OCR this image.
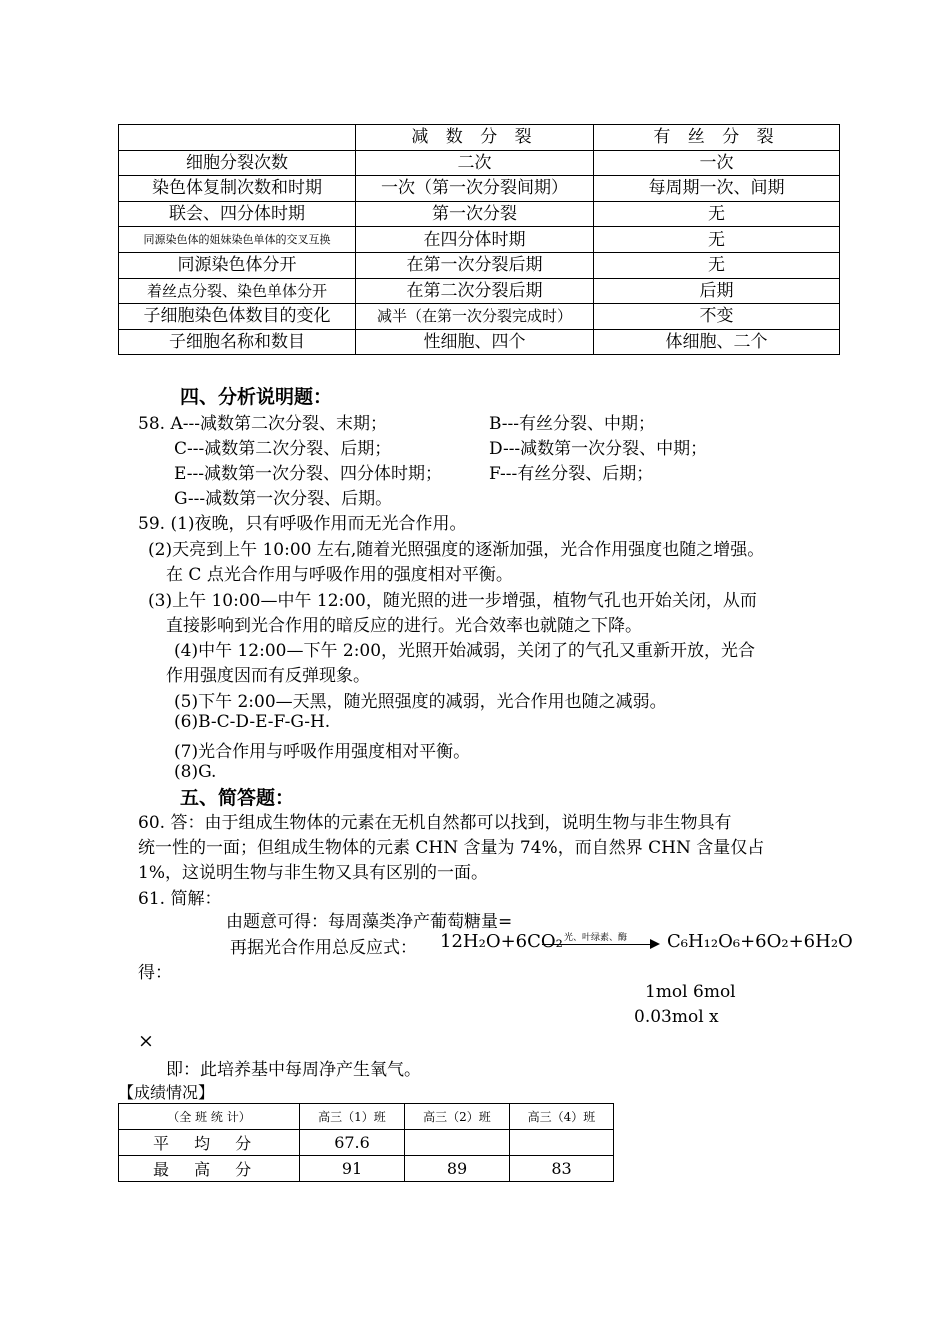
	减 数 分 裂	有 丝 分 裂
细胞分裂次数	二次	一次
染色体复制次数和时期	一次（第一次分裂间期）	每周期一次、间期
联会、四分体时期	第一次分裂	无
同源染色体的姐妹染色单体的交叉互换	在四分体时期	无
同源染色体分开	在第一次分裂后期	无
着丝点分裂、染色单体分开	在第二次分裂后期	后期
子细胞染色体数目的变化	减半（在第一次分裂完成时）	不变
子细胞名称和数目	性细胞、四个	体细胞、二个
四、分析说明题：
58. A---减数第二次分裂、末期；	B---有丝分裂、中期；
C---减数第二次分裂、后期；	D---减数第一次分裂、中期；
E---减数第一次分裂、四分体时期；	F---有丝分裂、后期；
G---减数第一次分裂、后期。
59. (1)夜晚，只有呼吸作用而无光合作用。
(2)天亮到上午 10:00 左右,随着光照强度的逐渐加强，光合作用强度也随之增强。
在 C 点光合作用与呼吸作用的强度相对平衡。
(3)上午 10:00—中午 12:00，随光照的进一步增强，植物气孔也开始关闭，从而
直接影响到光合作用的暗反应的进行。光合效率也就随之下降。
(4)中午 12:00—下午 2:00，光照开始减弱，关闭了的气孔又重新开放，光合
作用强度因而有反弹现象。
(5)下午 2:00—天黑，随光照强度的减弱，光合作用也随之减弱。
(6)B-C-D-E-F-G-H.
(7)光合作用与呼吸作用强度相对平衡。
(8)G.
五、简答题：
60. 答：由于组成生物体的元素在无机自然都可以找到，说明生物与非生物具有
统一性的一面；但组成生物体的元素 CHN 含量为 74%，而自然界 CHN 含量仅占
1%，这说明生物与非生物又具有区别的一面。
61. 简解：
由题意可得：每周藻类净产葡萄糖量=
再据光合作用总反应式： 12H₂O+6CO₂ 光、叶绿素、酶 C₆H₁₂O₆+6O₂+6H₂O
得：
1mol 6mol
0.03mol x
×
即：此培养基中每周净产生氧气。
【成绩情况】
（全 班 统 计）	高三（1）班	高三（2）班	高三（4）班
平 均 分	67.6		
最 高 分	91	89	83
